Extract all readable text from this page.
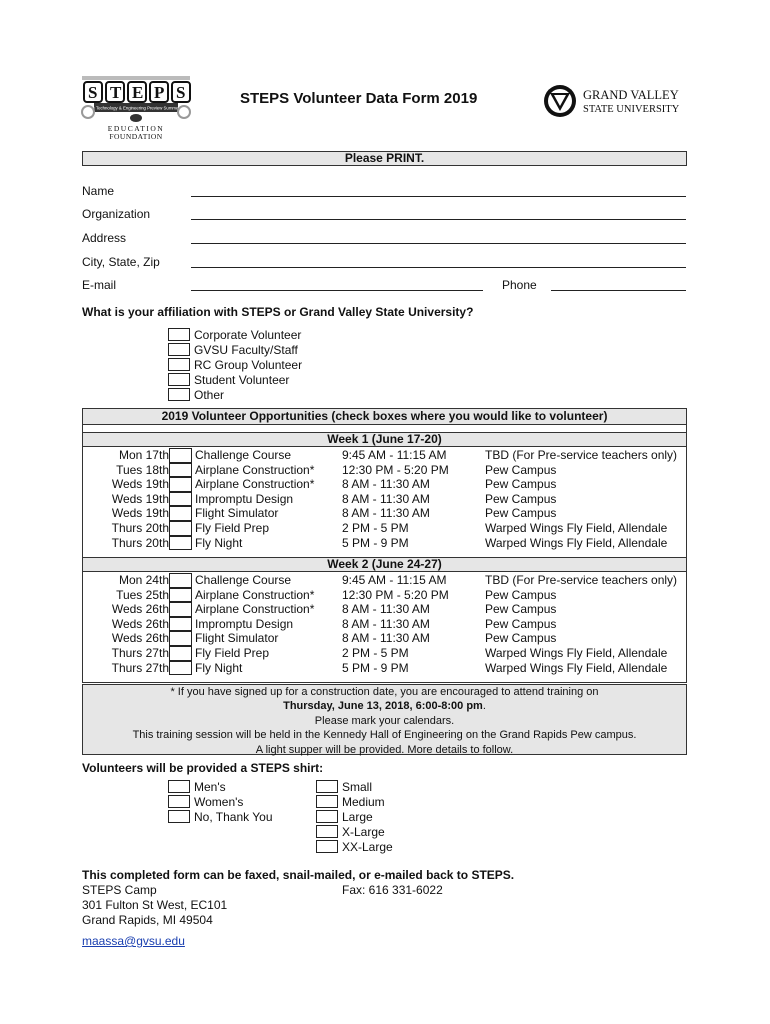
S T E P S
Science Technology & Engineering Preview Summer Camp
EDUCATION
FOUNDATION
STEPS Volunteer Data Form 2019	GRAND VALLEY
STATE UNIVERSITY
Please PRINT.
Name
Organization
Address
City, State, Zip
E-mail	Phone
What is your affiliation with STEPS or Grand Valley State University?
Corporate Volunteer
GVSU Faculty/Staff
RC Group Volunteer
Student Volunteer
Other
2019 Volunteer Opportunities (check boxes where you would like to volunteer)
Week 1 (June 17-20)
Mon 17th Challenge Course	9:45 AM - 11:15 AM	TBD (For Pre-service teachers only)
Tues 18th Airplane Construction* 12:30 PM - 5:20 PM	Pew Campus
Weds 19th Airplane Construction* 8 AM - 11:30 AM	Pew Campus
Weds 19th Impromptu Design	8 AM - 11:30 AM	Pew Campus
Weds 19th Flight Simulator	8 AM - 11:30 AM	Pew Campus
Thurs 20th Fly Field Prep	2 PM - 5 PM	Warped Wings Fly Field, Allendale
Thurs 20th Fly Night	5 PM - 9 PM	Warped Wings Fly Field, Allendale
Week 2 (June 24-27)
Mon 24th Challenge Course	9:45 AM - 11:15 AM	TBD (For Pre-service teachers only)
Tues 25th Airplane Construction* 12:30 PM - 5:20 PM	Pew Campus
Weds 26th Airplane Construction* 8 AM - 11:30 AM	Pew Campus
Weds 26th Impromptu Design	8 AM - 11:30 AM	Pew Campus
Weds 26th Flight Simulator	8 AM - 11:30 AM	Pew Campus
Thurs 27th Fly Field Prep	2 PM - 5 PM	Warped Wings Fly Field, Allendale
Thurs 27th Fly Night	5 PM - 9 PM	Warped Wings Fly Field, Allendale
* If you have signed up for a construction date, you are encouraged to attend training on
Thursday, June 13, 2018, 6:00-8:00 pm.
Please mark your calendars.
This training session will be held in the Kennedy Hall of Engineering on the Grand Rapids Pew campus.
A light supper will be provided. More details to follow.
Volunteers will be provided a STEPS shirt:
Men's
Women's
No, Thank You
Small
Medium
Large
X-Large
XX-Large
This completed form can be faxed, snail-mailed, or e-mailed back to STEPS.
STEPS Camp	Fax: 616 331-6022
301 Fulton St West, EC101
Grand Rapids, MI 49504
maassa@gvsu.edu
